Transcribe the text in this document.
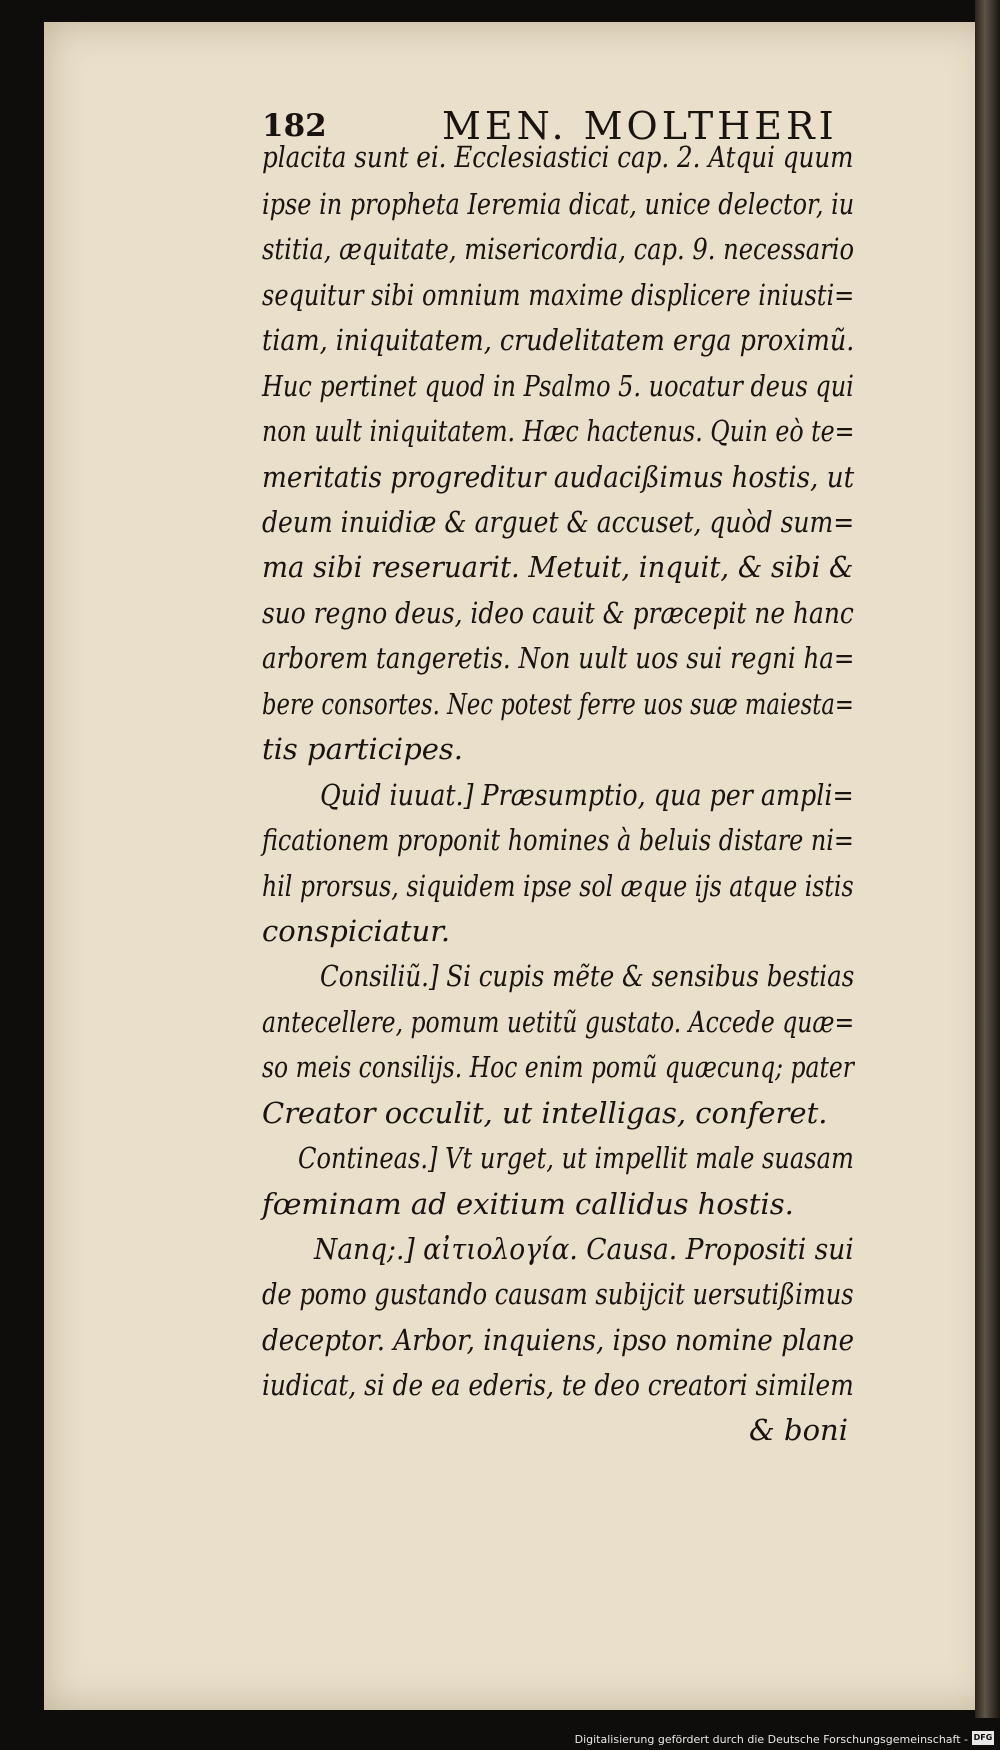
Digitalisierung gefördert durch die Deutsche Forschungsgemeinschaft - DFG
182	MEN. MOLTHERI
placita sunt ei. Ecclesiastici cap. 2. Atqui quum
ipse in propheta Ieremia dicat, unice delector, iu
stitia, æquitate, misericordia, cap. 9. necessario
sequitur sibi omnium maxime displicere iniusti=
tiam, iniquitatem, crudelitatem erga proximũ.
Huc pertinet quod in Psalmo 5. uocatur deus qui
non uult iniquitatem. Hæc hactenus. Quin eò te=
meritatis progreditur audacißimus hostis, ut
deum inuidiæ & arguet & accuset, quòd sum=
ma sibi reseruarit. Metuit, inquit, & sibi &
suo regno deus, ideo cauit & præcepit ne hanc
arborem tangeretis. Non uult uos sui regni ha=
bere consortes. Nec potest ferre uos suæ maiesta=
tis participes.
Quid iuuat.] Præsumptio, qua per ampli=
ficationem proponit homines à beluis distare ni=
hil prorsus, siquidem ipse sol æque ijs atque istis
conspiciatur.
Consiliũ.] Si cupis mẽte & sensibus bestias
antecellere, pomum uetitũ gustato. Accede quæ=
so meis consilijs. Hoc enim pomũ quæcunq; pater
Creator occulit, ut intelligas, conferet.
Contineas.] Vt urget, ut impellit male suasam
fœminam ad exitium callidus hostis.
Nanq;.] αἰτιολογία. Causa. Propositi sui
de pomo gustando causam subijcit uersutißimus
deceptor. Arbor, inquiens, ipso nomine plane
iudicat, si de ea ederis, te deo creatori similem
& boni
